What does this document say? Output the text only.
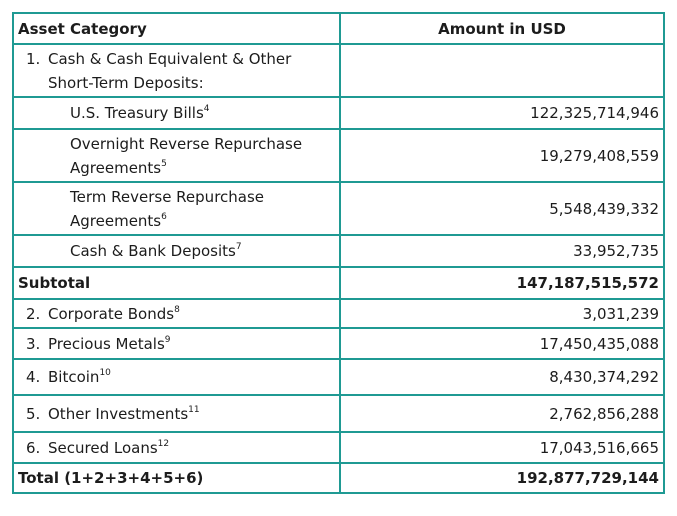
Asset Category	Amount in USD

1. Cash & Cash Equivalent & Other
Short-Term Deposits:	

U.S. Treasury Bills$^4$	122,325,714,946

Overnight Reverse Repurchase
Agreements$^5$	19,279,408,559

Term Reverse Repurchase
Agreements$^6$	5,548,439,332

Cash & Bank Deposits$^7$	33,952,735
Subtotal	147,187,515,572

2. Corporate Bonds$^8$	3,031,239

3. Precious Metals$^9$	17,450,435,088

4. Bitcoin$^{10}$	8,430,374,292

5. Other Investments$^{11}$	2,762,856,288

6. Secured Loans$^{12}$	17,043,516,665
Total (1+2+3+4+5+6)	192,877,729,144
